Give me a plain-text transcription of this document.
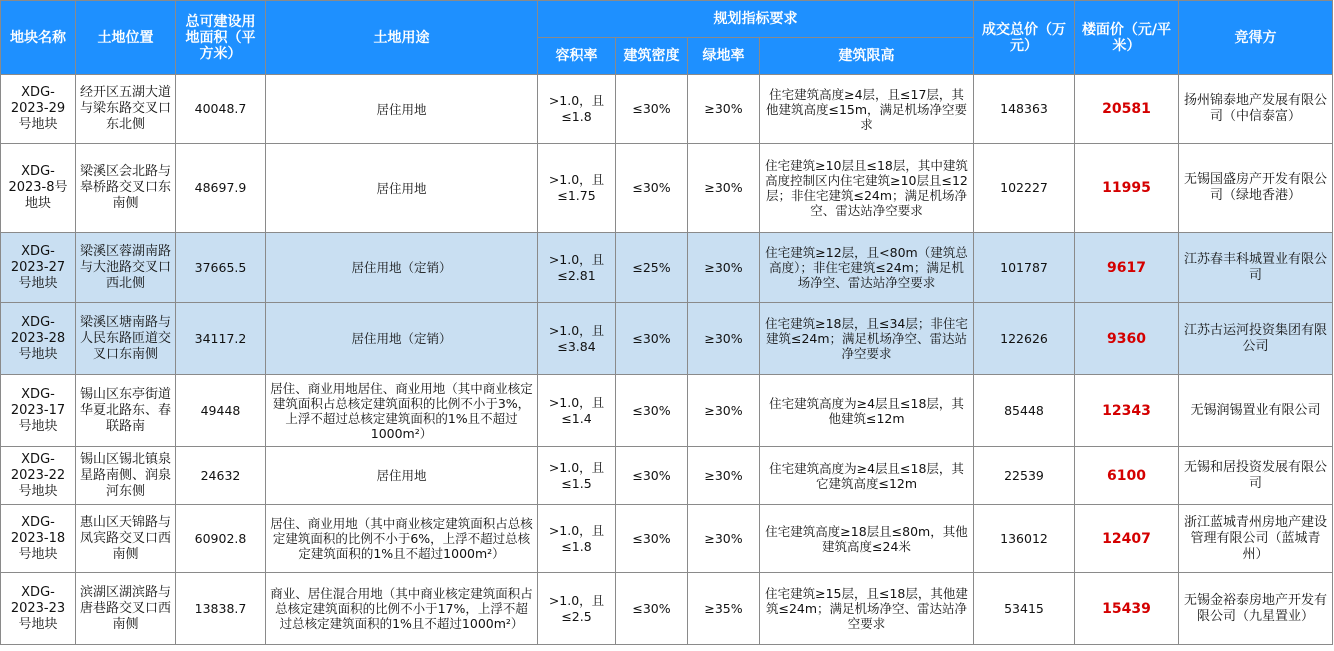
地块名称	土地位置	总可建设用地面积（平方米）	土地用途	规划指标要求				成交总价（万元）	楼面价（元/平米）	竞得方
				容积率	建筑密度	绿地率	建筑限高			
XDG-2023-29号地块	经开区五湖大道与梁东路交叉口东北侧	40048.7	居住用地	>1.0，且≤1.8	≤30%	≥30%	住宅建筑高度≥4层，且≤17层，其他建筑高度≤15m，满足机场净空要求	148363	20581	扬州锦泰地产发展有限公司（中信泰富）
XDG-2023-8号地块	梁溪区会北路与皋桥路交叉口东南侧	48697.9	居住用地	>1.0，且≤1.75	≤30%	≥30%	住宅建筑≥10层且≤18层，其中建筑高度控制区内住宅建筑≥10层且≤12层；非住宅建筑≤24m；满足机场净空、雷达站净空要求	102227	11995	无锡国盛房产开发有限公司（绿地香港）
XDG-2023-27号地块	梁溪区蓉湖南路与大池路交叉口西北侧	37665.5	居住用地（定销）	>1.0，且≤2.81	≤25%	≥30%	住宅建筑≥12层，且<80m（建筑总高度）；非住宅建筑≤24m；满足机场净空、雷达站净空要求	101787	9617	江苏春丰科城置业有限公司
XDG-2023-28号地块	梁溪区塘南路与人民东路匝道交叉口东南侧	34117.2	居住用地（定销）	>1.0，且≤3.84	≤30%	≥30%	住宅建筑≥18层，且≤34层；非住宅建筑≤24m；满足机场净空、雷达站净空要求	122626	9360	江苏古运河投资集团有限公司
XDG-2023-17号地块	锡山区东亭街道华夏北路东、春联路南	49448	居住、商业用地居住、商业用地（其中商业核定建筑面积占总核定建筑面积的比例不小于3%，上浮不超过总核定建筑面积的1%且不超过1000m²）	>1.0，且≤1.4	≤30%	≥30%	住宅建筑高度为≥4层且≤18层，其他建筑≤12m	85448	12343	无锡润锡置业有限公司
XDG-2023-22号地块	锡山区锡北镇泉星路南侧、润泉河东侧	24632	居住用地	>1.0，且≤1.5	≤30%	≥30%	住宅建筑高度为≥4层且≤18层，其它建筑高度≤12m	22539	6100	无锡和居投资发展有限公司
XDG-2023-18号地块	惠山区天锦路与凤宾路交叉口西南侧	60902.8	居住、商业用地（其中商业核定建筑面积占总核定建筑面积的比例不小于6%，上浮不超过总核定建筑面积的1%且不超过1000m²）	>1.0，且≤1.8	≤30%	≥30%	住宅建筑高度≥18层且≤80m，其他建筑高度≤24米	136012	12407	浙江蓝城青州房地产建设管理有限公司（蓝城青州）
XDG-2023-23号地块	滨湖区湖滨路与唐巷路交叉口西南侧	13838.7	商业、居住混合用地（其中商业核定建筑面积占总核定建筑面积的比例不小于17%，上浮不超过总核定建筑面积的1%且不超过1000m²）	>1.0，且≤2.5	≤30%	≥35%	住宅建筑≥15层，且≤18层，其他建筑≤24m；满足机场净空、雷达站净空要求	53415	15439	无锡金裕泰房地产开发有限公司（九星置业）
